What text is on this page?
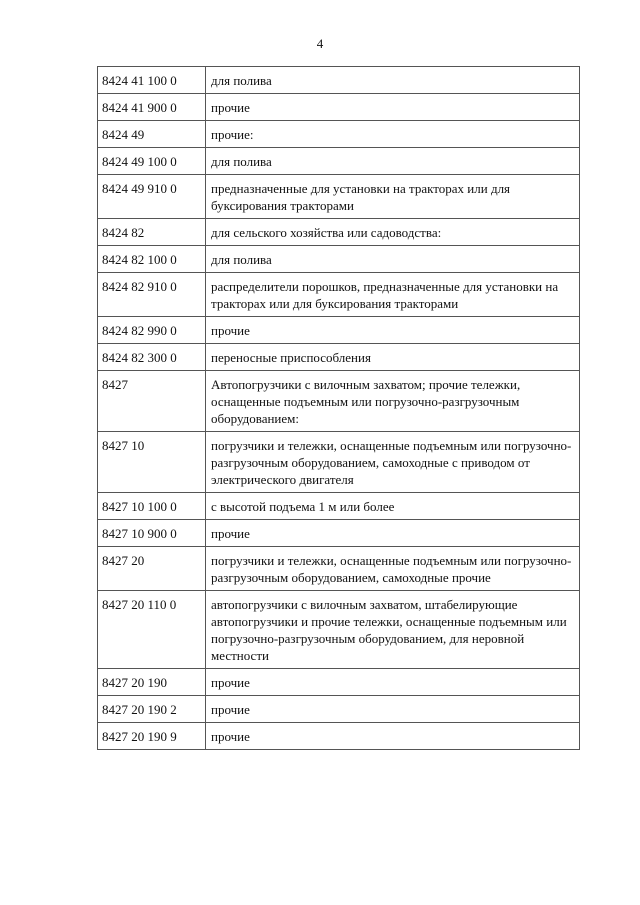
4
8424 41 100 0	для полива
8424 41 900 0	прочие
8424 49	прочие:
8424 49 100 0	для полива
8424 49 910 0	предназначенные для установки на тракторах или для буксирования тракторами
8424 82	для сельского хозяйства или садоводства:
8424 82 100 0	для полива
8424 82 910 0	распределители порошков, предназначенные для установки на тракторах или для буксирования тракторами
8424 82 990 0	прочие
8424 82 300 0	переносные приспособления
8427	Автопогрузчики с вилочным захватом; прочие тележки, оснащенные подъемным или погрузочно-разгрузочным оборудованием:
8427 10	погрузчики и тележки, оснащенные подъемным или погрузочно-разгрузочным оборудованием, самоходные с приводом от электрического двигателя
8427 10 100 0	с высотой подъема 1 м или более
8427 10 900 0	прочие
8427 20	погрузчики и тележки, оснащенные подъемным или погрузочно-разгрузочным оборудованием, самоходные прочие
8427 20 110 0	автопогрузчики с вилочным захватом, штабелирующие автопогрузчики и прочие тележки, оснащенные подъемным или погрузочно-разгрузочным оборудованием, для неровной местности
8427 20 190	прочие
8427 20 190 2	прочие
8427 20 190 9	прочие
